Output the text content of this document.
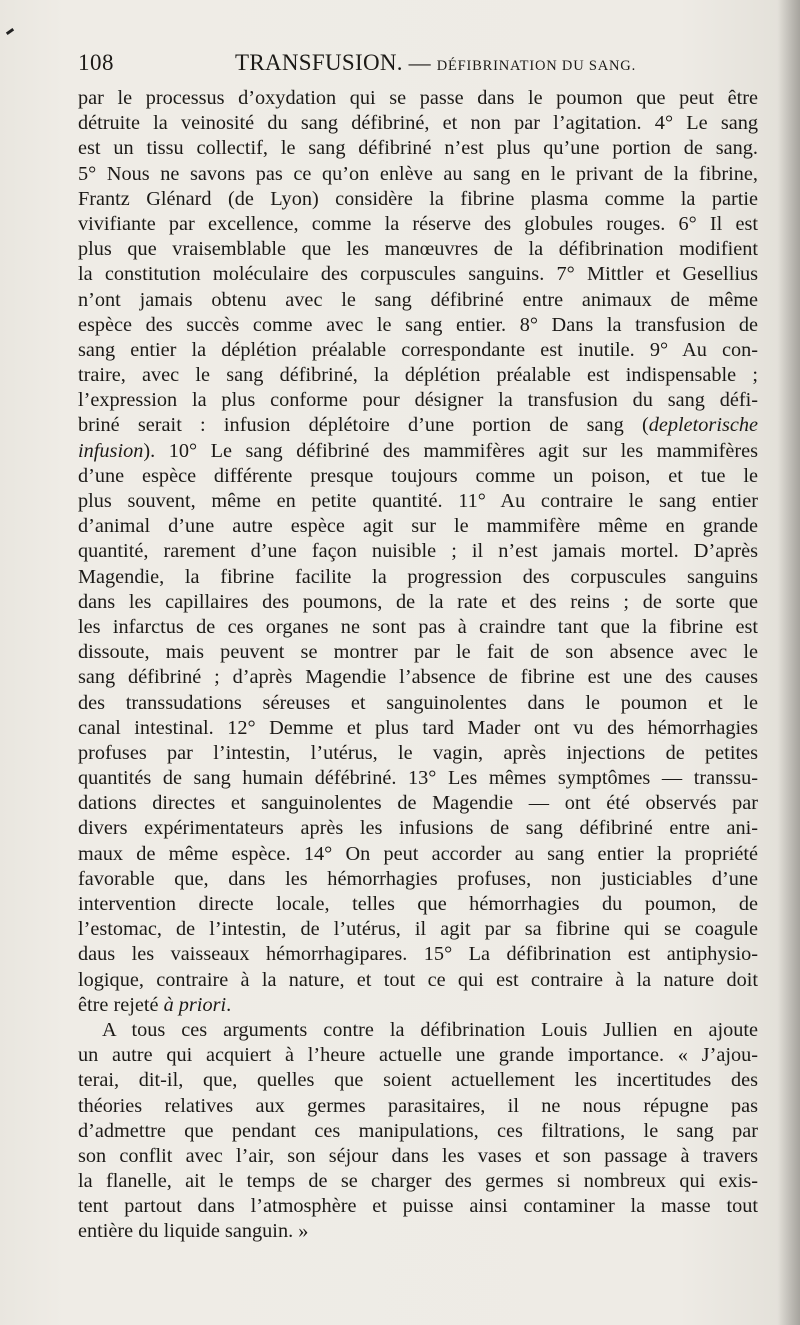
108	TRANSFUSION. — DÉFIBRINATION DU SANG.
par le processus d’oxydation qui se passe dans le poumon que peut être
détruite la veinosité du sang défibriné, et non par l’agitation. 4° Le sang
est un tissu collectif, le sang défibriné n’est plus qu’une portion de sang.
5° Nous ne savons pas ce qu’on enlève au sang en le privant de la fibrine,
Frantz Glénard (de Lyon) considère la fibrine plasma comme la partie
vivifiante par excellence, comme la réserve des globules rouges. 6° Il est
plus que vraisemblable que les manœuvres de la défibrination modifient
la constitution moléculaire des corpuscules sanguins. 7° Mittler et Gesellius
n’ont jamais obtenu avec le sang défibriné entre animaux de même
espèce des succès comme avec le sang entier. 8° Dans la transfusion de
sang entier la déplétion préalable correspondante est inutile. 9° Au con-
traire, avec le sang défibriné, la déplétion préalable est indispensable ;
l’expression la plus conforme pour désigner la transfusion du sang défi-
briné serait : infusion déplétoire d’une portion de sang (depletorische
infusion). 10° Le sang défibriné des mammifères agit sur les mammifères
d’une espèce différente presque toujours comme un poison, et tue le
plus souvent, même en petite quantité. 11° Au contraire le sang entier
d’animal d’une autre espèce agit sur le mammifère même en grande
quantité, rarement d’une façon nuisible ; il n’est jamais mortel. D’après
Magendie, la fibrine facilite la progression des corpuscules sanguins
dans les capillaires des poumons, de la rate et des reins ; de sorte que
les infarctus de ces organes ne sont pas à craindre tant que la fibrine est
dissoute, mais peuvent se montrer par le fait de son absence avec le
sang défibriné ; d’après Magendie l’absence de fibrine est une des causes
des transsudations séreuses et sanguinolentes dans le poumon et le
canal intestinal. 12° Demme et plus tard Mader ont vu des hémorrhagies
profuses par l’intestin, l’utérus, le vagin, après injections de petites
quantités de sang humain défébriné. 13° Les mêmes symptômes — transsu-
dations directes et sanguinolentes de Magendie — ont été observés par
divers expérimentateurs après les infusions de sang défibriné entre ani-
maux de même espèce. 14° On peut accorder au sang entier la propriété
favorable que, dans les hémorrhagies profuses, non justiciables d’une
intervention directe locale, telles que hémorrhagies du poumon, de
l’estomac, de l’intestin, de l’utérus, il agit par sa fibrine qui se coagule
daus les vaisseaux hémorrhagipares. 15° La défibrination est antiphysio-
logique, contraire à la nature, et tout ce qui est contraire à la nature doit
être rejeté à priori.
A tous ces arguments contre la défibrination Louis Jullien en ajoute
un autre qui acquiert à l’heure actuelle une grande importance. « J’ajou-
terai, dit-il, que, quelles que soient actuellement les incertitudes des
théories relatives aux germes parasitaires, il ne nous répugne pas
d’admettre que pendant ces manipulations, ces filtrations, le sang par
son conflit avec l’air, son séjour dans les vases et son passage à travers
la flanelle, ait le temps de se charger des germes si nombreux qui exis-
tent partout dans l’atmosphère et puisse ainsi contaminer la masse tout
entière du liquide sanguin. »
